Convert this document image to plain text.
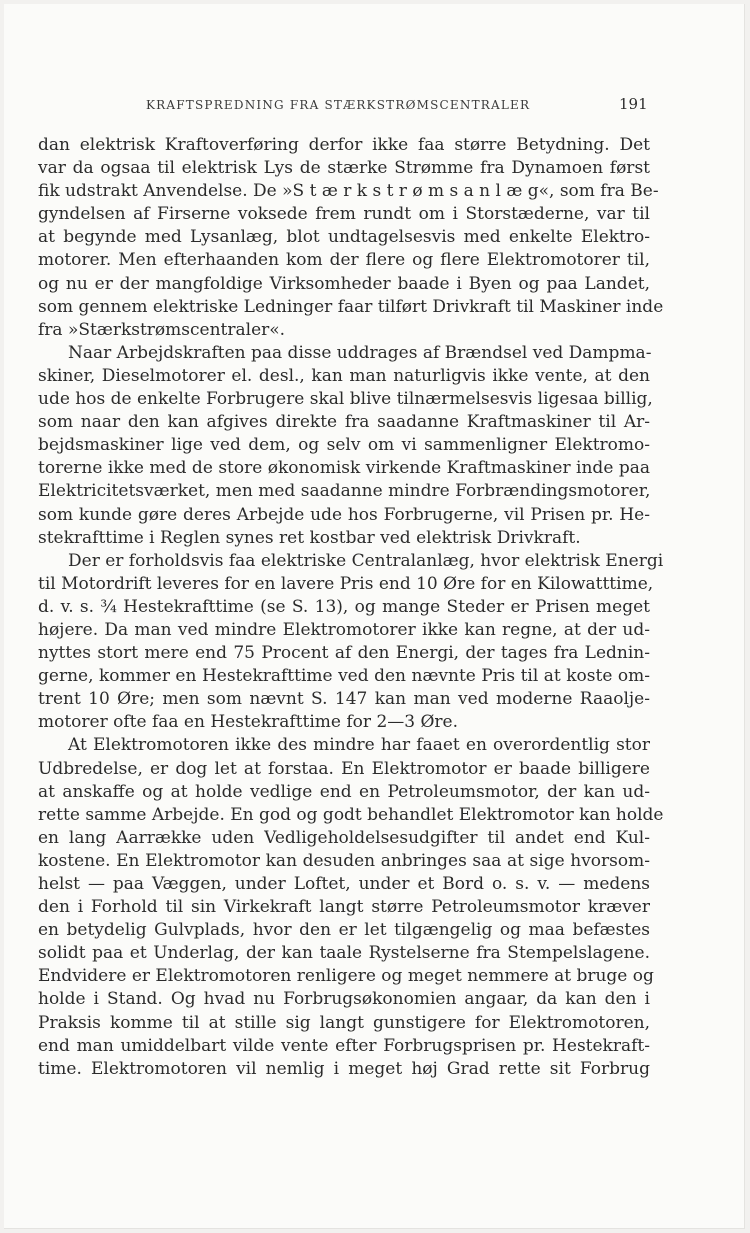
KRAFTSPREDNING FRA STÆRKSTRØMSCENTRALER	191
dan elektrisk Kraftoverføring derfor ikke faa større Betydning. Det
var da ogsaa til elektrisk Lys de stærke Strømme fra Dynamoen først
fik udstrakt Anvendelse. De »S t æ r k s t r ø m s a n l æ g«, som fra Be-
gyndelsen af Firserne voksede frem rundt om i Storstæderne, var til
at begynde med Lysanlæg, blot undtagelsesvis med enkelte Elektro-
motorer. Men efterhaanden kom der flere og flere Elektromotorer til,
og nu er der mangfoldige Virksomheder baade i Byen og paa Landet,
som gennem elektriske Ledninger faar tilført Drivkraft til Maskiner inde
fra »Stærkstrømscentraler«.
Naar Arbejdskraften paa disse uddrages af Brændsel ved Dampma-
skiner, Dieselmotorer el. desl., kan man naturligvis ikke vente, at den
ude hos de enkelte Forbrugere skal blive tilnærmelsesvis ligesaa billig,
som naar den kan afgives direkte fra saadanne Kraftmaskiner til Ar-
bejdsmaskiner lige ved dem, og selv om vi sammenligner Elektromo-
torerne ikke med de store økonomisk virkende Kraftmaskiner inde paa
Elektricitetsværket, men med saadanne mindre Forbrændingsmotorer,
som kunde gøre deres Arbejde ude hos Forbrugerne, vil Prisen pr. He-
stekrafttime i Reglen synes ret kostbar ved elektrisk Drivkraft.
Der er forholdsvis faa elektriske Centralanlæg, hvor elektrisk Energi
til Motordrift leveres for en lavere Pris end 10 Øre for en Kilowatttime,
d. v. s. ¾ Hestekrafttime (se S. 13), og mange Steder er Prisen meget
højere. Da man ved mindre Elektromotorer ikke kan regne, at der ud-
nyttes stort mere end 75 Procent af den Energi, der tages fra Lednin-
gerne, kommer en Hestekrafttime ved den nævnte Pris til at koste om-
trent 10 Øre; men som nævnt S. 147 kan man ved moderne Raaolje-
motorer ofte faa en Hestekrafttime for 2—3 Øre.
At Elektromotoren ikke des mindre har faaet en overordentlig stor
Udbredelse, er dog let at forstaa. En Elektromotor er baade billigere
at anskaffe og at holde vedlige end en Petroleumsmotor, der kan ud-
rette samme Arbejde. En god og godt behandlet Elektromotor kan holde
en lang Aarrække uden Vedligeholdelsesudgifter til andet end Kul-
kostene. En Elektromotor kan desuden anbringes saa at sige hvorsom-
helst — paa Væggen, under Loftet, under et Bord o. s. v. — medens
den i Forhold til sin Virkekraft langt større Petroleumsmotor kræver
en betydelig Gulvplads, hvor den er let tilgængelig og maa befæstes
solidt paa et Underlag, der kan taale Rystelserne fra Stempelslagene.
Endvidere er Elektromotoren renligere og meget nemmere at bruge og
holde i Stand. Og hvad nu Forbrugsøkonomien angaar, da kan den i
Praksis komme til at stille sig langt gunstigere for Elektromotoren,
end man umiddelbart vilde vente efter Forbrugsprisen pr. Hestekraft-
time. Elektromotoren vil nemlig i meget høj Grad rette sit Forbrug
